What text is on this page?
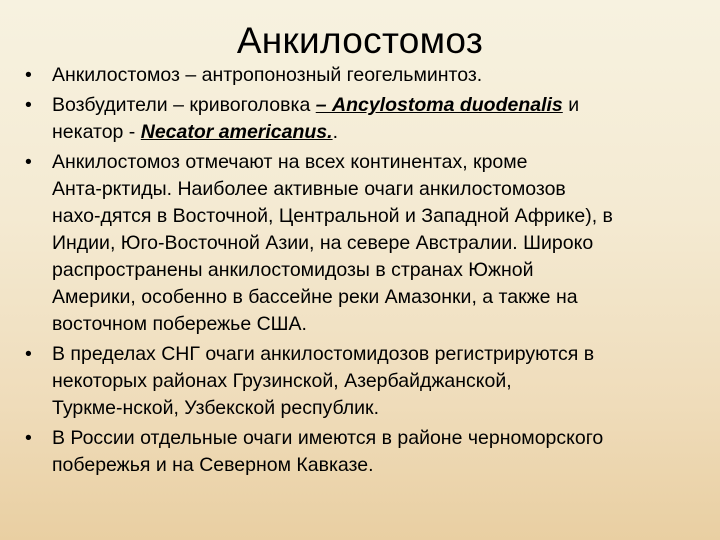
Анкилостомоз
• Анкилостомоз – антропонозный геогельминтоз.
• Возбудители – кривоголовка – Ancylostoma duodenalis и
некатор - Necator americanus..
• Анкилостомоз отмечают на всех континентах, кроме
Анта-рктиды. Наиболее активные очаги анкилостомозов
нахо-дятся в Восточной, Центральной и Западной Африке), в
Индии, Юго-Восточной Азии, на севере Австралии. Широко
распространены анкилостомидозы в странах Южной
Америки, особенно в бассейне реки Амазонки, а также на
восточном побережье США.
• В пределах СНГ очаги анкилостомидозов регистрируются в
некоторых районах Грузинской, Азербайджанской,
Туркме-нской, Узбекской республик.
• В России отдельные очаги имеются в районе черноморского
побережья и на Северном Кавказе.
